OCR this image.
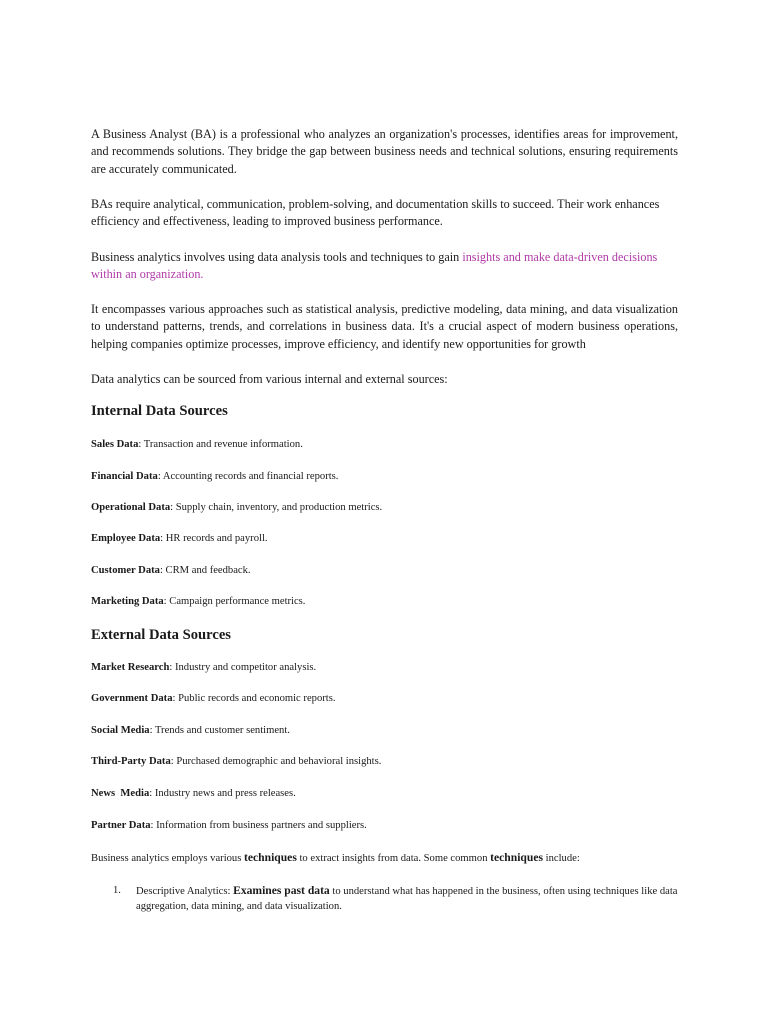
A Business Analyst (BA) is a professional who analyzes an organization's processes, identifies areas for improvement, and recommends solutions. They bridge the gap between business needs and technical solutions, ensuring requirements are accurately communicated.

BAs require analytical, communication, problem-solving, and documentation skills to succeed. Their work enhances efficiency and effectiveness, leading to improved business performance.

Business analytics involves using data analysis tools and techniques to gain insights and make data-driven decisions within an organization.

It encompasses various approaches such as statistical analysis, predictive modeling, data mining, and data visualization to understand patterns, trends, and correlations in business data. It's a crucial aspect of modern business operations, helping companies optimize processes, improve efficiency, and identify new opportunities for growth

Data analytics can be sourced from various internal and external sources:

Internal Data Sources

Sales Data: Transaction and revenue information.

Financial Data: Accounting records and financial reports.

Operational Data: Supply chain, inventory, and production metrics.

Employee Data: HR records and payroll.

Customer Data: CRM and feedback.

Marketing Data: Campaign performance metrics.

External Data Sources

Market Research: Industry and competitor analysis.

Government Data: Public records and economic reports.

Social Media: Trends and customer sentiment.

Third-Party Data: Purchased demographic and behavioral insights.

News  Media: Industry news and press releases.

Partner Data: Information from business partners and suppliers.

Business analytics employs various techniques to extract insights from data. Some common techniques include:

1. Descriptive Analytics: Examines past data to understand what has happened in the business, often using techniques like data aggregation, data mining, and data visualization.
